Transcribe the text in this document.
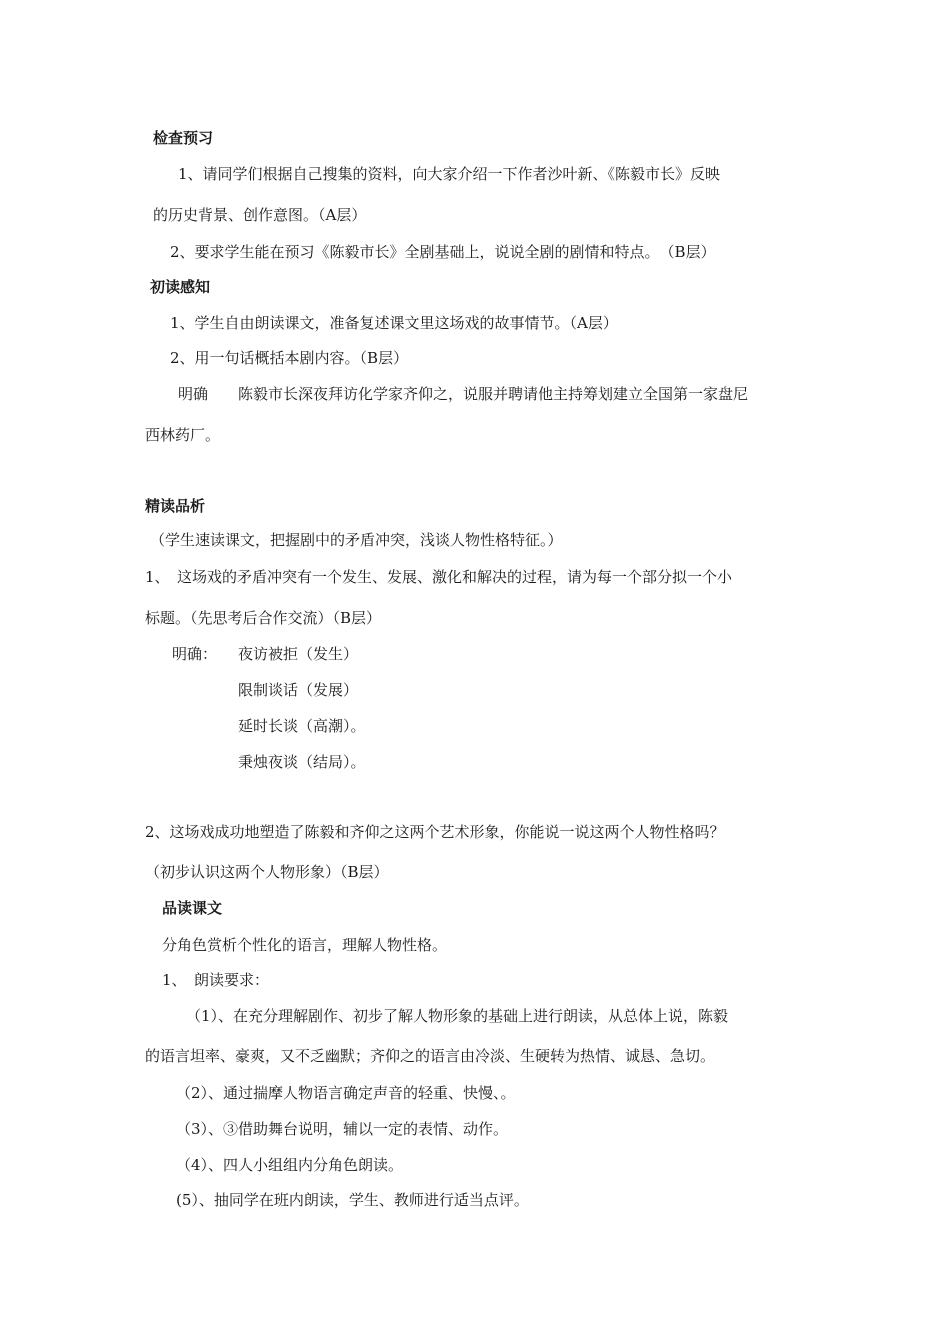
检查预习
1、请同学们根据自己搜集的资料，向大家介绍一下作者沙叶新、《陈毅市长》反映
的历史背景、创作意图。（A层）
2、要求学生能在预习《陈毅市长》全剧基础上，说说全剧的剧情和特点。　（B层）
初读感知
1、学生自由朗读课文，准备复述课文里这场戏的故事情节。（A层）
2、用一句话概括本剧内容。（B层）
明确　　陈毅市长深夜拜访化学家齐仰之，说服并聘请他主持筹划建立全国第一家盘尼
西林药厂。
精读品析
（学生速读课文，把握剧中的矛盾冲突，浅谈人物性格特征。）
1、　这场戏的矛盾冲突有一个发生、发展、激化和解决的过程，请为每一个部分拟一个小
标题。（先思考后合作交流）（B层）
明确： 夜访被拒（发生）
限制谈话（发展）
延时长谈（高潮）。
秉烛夜谈（结局）。
2、这场戏成功地塑造了陈毅和齐仰之这两个艺术形象，你能说一说这两个人物性格吗？
（初步认识这两个人物形象）（B层）
品读课文
分角色赏析个性化的语言，理解人物性格。
1、　朗读要求：
（1）、在充分理解剧作、初步了解人物形象的基础上进行朗读，从总体上说，陈毅
的语言坦率、豪爽，又不乏幽默；齐仰之的语言由冷淡、生硬转为热情、诚恳、急切。
（2）、通过揣摩人物语言确定声音的轻重、快慢、。
（3）、③借助舞台说明，辅以一定的表情、动作。
（4）、四人小组组内分角色朗读。
(5）、抽同学在班内朗读，学生、教师进行适当点评。
